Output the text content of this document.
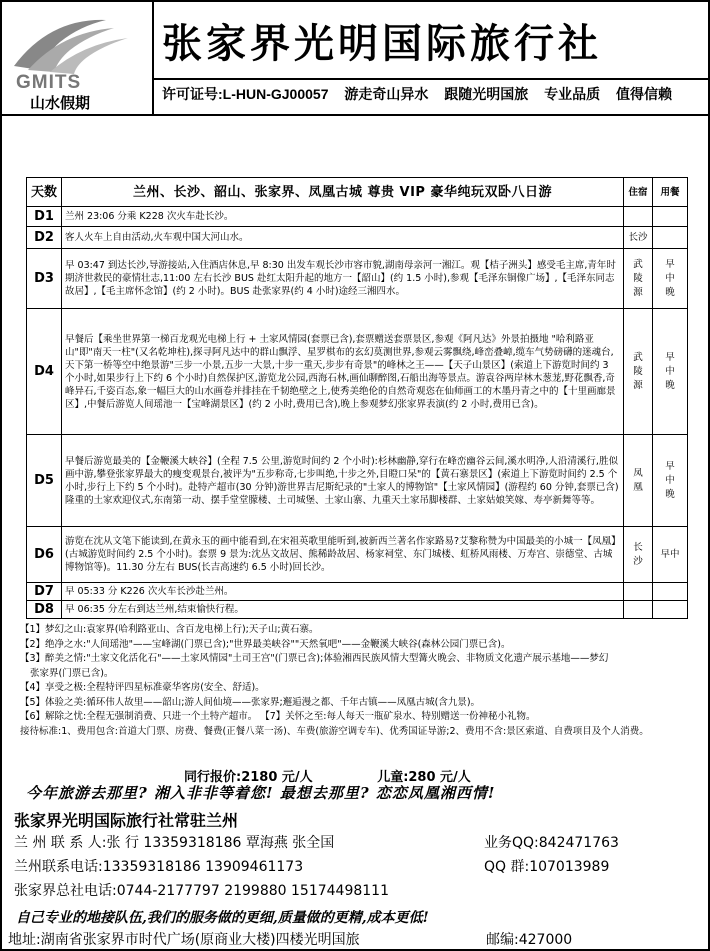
GMITS
山水假期
张家界光明国际旅行社
许可证号:L-HUN-GJ00057 游走奇山异水 跟随光明国旅 专业品质 值得信赖
天数	兰州、长沙、韶山、张家界、凤凰古城 尊贵 VIP 豪华纯玩双卧八日游	住宿	用餐
D1	兰州 23:06 分乘 K228 次火车赴长沙。		
D2	客人火车上自由活动,火车观中国大河山水。	长沙	
D3	早 03:47 到达长沙,导游接站,入住酒店休息,早 8:30 出发车观长沙市容市貌,湖南母亲河一湘江。观【桔子洲头】感受毛主席,青年时期济世救民的豪情壮志,11:00 左右长沙 BUS 赴红太阳升起的地方一【韶山】(约 1.5 小时),参观【毛泽东铜像广场】,【毛泽东同志故居】,【毛主席怀念馆】(约 2 小时)。BUS 赴张家界(约 4 小时)途经三湘四水。	武陵源	早中晚
D4	早餐后【乘坐世界第一梯百龙观光电梯上行 + 土家风情园(套票已含),套票赠送套票景区,参观《阿凡达》外景拍摄地 "哈利路亚山"即"南天一柱"(又名乾坤柱),探寻阿凡达中的群山飘浮、星罗棋布的玄幻莫测世界,参观云雾飘绕,峰峦叠嶂,缆车气势磅礴的迷魂台,天下第一桥等空中绝景游"三步一小景,五步一大景,十步一重天,步步有奇景"的峰林之王——【天子山景区】(索道上下游览时间约 3 个小时,如果步行上下约 6 个小时)自然保护区,游览龙公园,西海石林,画仙聊醉图,石船出海等景点。游袁谷两岸林木葱茏,野花飘香,奇峰异石,千姿百态,象一幅巨大的山水画卷并排挂在千韧绝壁之上,使秀美绝伦的自然奇观恣在仙师画工的木墨丹青之中的【十里画廊景区】,中餐后游览人间瑶池一【宝峰湖景区】(约 2 小时,费用已含),晚上参观梦幻张家界表演(约 2 小时,费用已含)。	武陵源	早中晚
D5	早餐后游览最美的【金鞭溪大峡谷】(全程 7.5 公里,游览时间约 2 个小时):杉林幽静,穿行在峰峦幽谷云间,溪水明净,人沿清溪行,胜似画中游,攀登张家界最大的瘦变观景台,被评为"五步称奇,七步叫绝,十步之外,目瞪口呆"的【黄石寨景区】(索道上下游览时间约 2.5 个小时,步行上下约 5 个小时)。赴特产超市(30 分钟)游世界吉尼斯纪录的"土家人的博物馆"【土家风情园】(游程约 60 分钟,套票已含)隆重的土家欢迎仪式,东南第一动、摆手堂堂朦楼、土司城堡、土家山寨、九重天土家吊脚楼群、土家姑娘笑嫁、寿亭新舞等等。	凤凰	早中晚
D6	游览在沈从文笔下能读到,在黄永玉的画中能看到,在宋祖英歌里能听到,被新西兰著名作家路易?艾黎称赞为中国最美的小城一【凤凰】(古城游览时间约 2.5 个小时)。套票 9 景为:沈丛文故居、熊稀龄故居、杨家祠堂、东门城楼、虹桥风雨楼、万寿宫、崇德堂、古城博物馆等)。11.30 分左右 BUS(长吉高速约 6.5 小时)回长沙。	长沙	早中
D7	早 05:33 分 K226 次火车长沙赴兰州。		
D8	早 06:35 分左右到达兰州,结束愉快行程。		
【1】梦幻之山:袁家界(哈利路亚山、含百龙电梯上行);天子山;黄石寨。
【2】绝净之水:"人间瑶池"——宝峰湖(门票已含);"世界最美峡谷""天然氧吧"——金鞭溪大峡谷(森林公园门票已含)。
【3】醉美之情:"土家文化活化石"——土家风情园"土司王宫"(门票已含);体验湘西民族风情大型篝火晚会、非物质文化遗产展示基地——梦幻
张家界(门票已含)。
【4】享受之极:全程特评四星标准豪华客房(安全、舒适)。
【5】体验之美:循环伟人故里——韶山;游人间仙境——张家界;邂逅漫之都、千年古镇——凤凰古城(含九景)。
【6】解除之忧:全程无强制消费、只进一个土特产超市。 【7】关怀之至:每人每天一瓶矿泉水、特别赠送一份神秘小礼物。
接待标准:1、费用包含:首道大门票、房费、餐费(正餐八菜一汤)、车费(旅游空调专车)、优秀国证导游;2、费用不含:景区索道、自费项目及个人消费。
同行报价:2180 元/人	儿童:280 元/人
今年旅游去那里? 湘入非非等着您! 最想去那里? 恋恋凤凰湘西情!
张家界光明国际旅行社常驻兰州
兰 州 联 系 人:张 行 13359318186 覃海燕 张全国	业务QQ:842471763
兰州联系电话:13359318186 13909461173	QQ 群:107013989
张家界总社电话:0744-2177797 2199880 15174498111
自己专业的地接队伍,我们的服务做的更细,质量做的更精,成本更低!
地址:湖南省张家界市时代广场(原商业大楼)四楼光明国旅	邮编:427000
